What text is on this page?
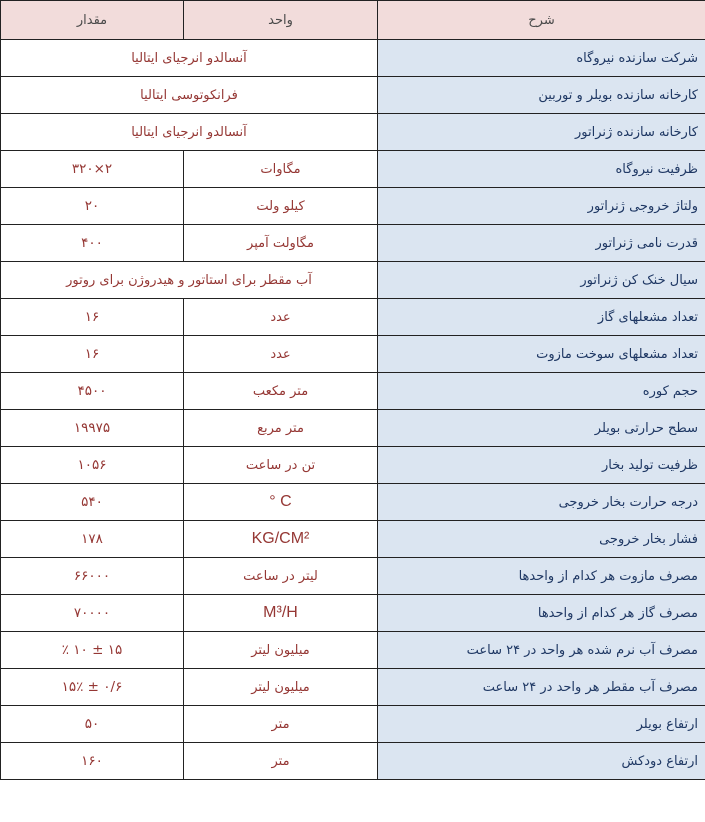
شرح	واحد	مقدار
شرکت سازنده نیروگاه	آنسالدو انرجیای ایتالیا	
کارخانه سازنده بویلر و توربین	فرانکوتوسی ایتالیا	
کارخانه سازنده ژنراتور	آنسالدو انرجیای ایتالیا	
ظرفیت نیروگاه	مگاوات	۲×۳۲۰
ولتاژ خروجی ژنراتور	کیلو ولت	۲۰
قدرت نامی ژنراتور	مگاولت آمپر	۴۰۰
سیال خنک کن ژنراتور	آب مقطر برای استاتور و هیدروژن برای روتور	
تعداد مشعلهای گاز	عدد	۱۶
تعداد مشعلهای سوخت مازوت	عدد	۱۶
حجم کوره	متر مکعب	۴۵۰۰
سطح حرارتی بویلر	متر مربع	۱۹۹۷۵
ظرفیت تولید بخار	تن در ساعت	۱۰۵۶
درجه حرارت بخار خروجی	° C	۵۴۰
فشار بخار خروجی	KG/CM²	۱۷۸
مصرف مازوت هر کدام از واحدها	لیتر در ساعت	۶۶۰۰۰
مصرف گاز هر کدام از واحدها	M³/H	۷۰۰۰۰
مصرف آب نرم شده هر واحد در ۲۴ ساعت	میلیون لیتر	۱۵ ± ۱۰ ٪
مصرف آب مقطر هر واحد در ۲۴ ساعت	میلیون لیتر	۰/۶ ± ۱۵٪
ارتفاع بویلر	متر	۵۰
ارتفاع دودکش	متر	۱۶۰
